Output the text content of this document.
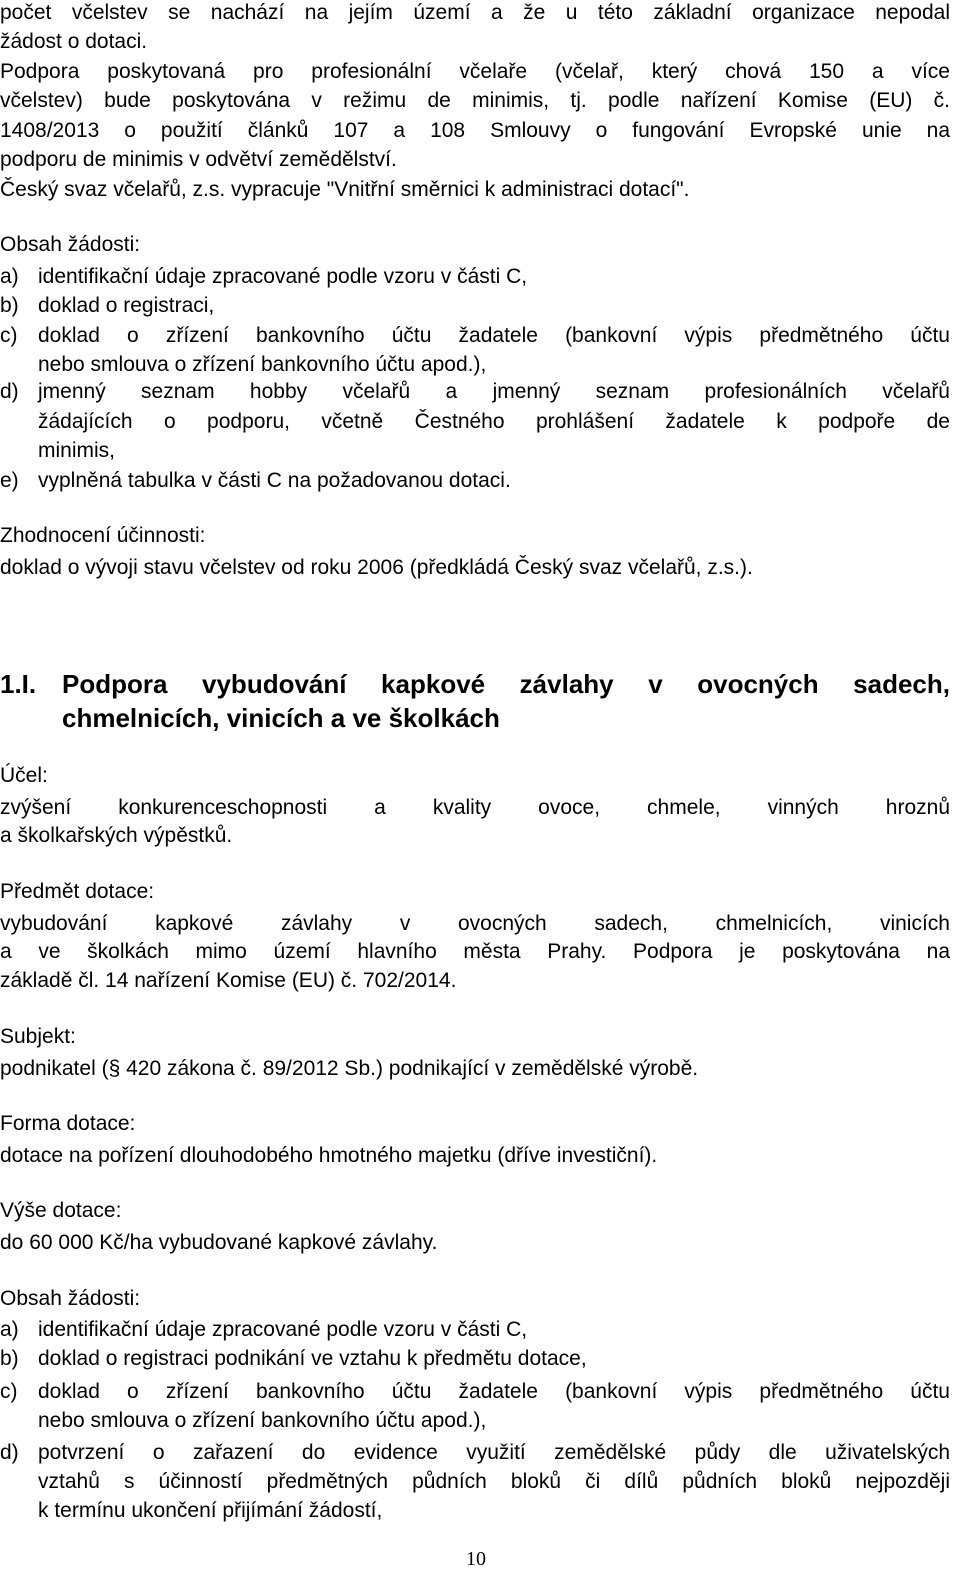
počet včelstev se nachází na jejím území a že u této základní organizace nepodal
žádost o dotaci.
Podpora poskytovaná pro profesionální včelaře (včelař, který chová 150 a více
včelstev) bude poskytována v režimu de minimis, tj. podle nařízení Komise (EU) č.
1408/2013 o použití článků 107 a 108 Smlouvy o fungování Evropské unie na
podporu de minimis v odvětví zemědělství.
Český svaz včelařů, z.s. vypracuje "Vnitřní směrnici k administraci dotací".
Obsah žádosti:
a) identifikační údaje zpracované podle vzoru v části C,
b) doklad o registraci,
c) doklad o zřízení bankovního účtu žadatele (bankovní výpis předmětného účtu
nebo smlouva o zřízení bankovního účtu apod.),
d) jmenný seznam hobby včelařů a jmenný seznam profesionálních včelařů
žádajících o podporu, včetně Čestného prohlášení žadatele k podpoře de
minimis,
e) vyplněná tabulka v části C na požadovanou dotaci.
Zhodnocení účinnosti:
doklad o vývoji stavu včelstev od roku 2006 (předkládá Český svaz včelařů, z.s.).
1.I. Podpora vybudování kapkové závlahy v ovocných sadech,
chmelnicích, vinicích a ve školkách
Účel:
zvýšení konkurenceschopnosti a kvality ovoce, chmele, vinných hroznů
a školkařských výpěstků.
Předmět dotace:
vybudování kapkové závlahy v ovocných sadech, chmelnicích, vinicích
a ve školkách mimo území hlavního města Prahy. Podpora je poskytována na
základě čl. 14 nařízení Komise (EU) č. 702/2014.
Subjekt:
podnikatel (§ 420 zákona č. 89/2012 Sb.) podnikající v zemědělské výrobě.
Forma dotace:
dotace na pořízení dlouhodobého hmotného majetku (dříve investiční).
Výše dotace:
do 60 000 Kč/ha vybudované kapkové závlahy.
Obsah žádosti:
a) identifikační údaje zpracované podle vzoru v části C,
b) doklad o registraci podnikání ve vztahu k předmětu dotace,
c) doklad o zřízení bankovního účtu žadatele (bankovní výpis předmětného účtu
nebo smlouva o zřízení bankovního účtu apod.),
d) potvrzení o zařazení do evidence využití zemědělské půdy dle uživatelských
vztahů s účinností předmětných půdních bloků či dílů půdních bloků nejpozději
k termínu ukončení přijímání žádostí,
10
